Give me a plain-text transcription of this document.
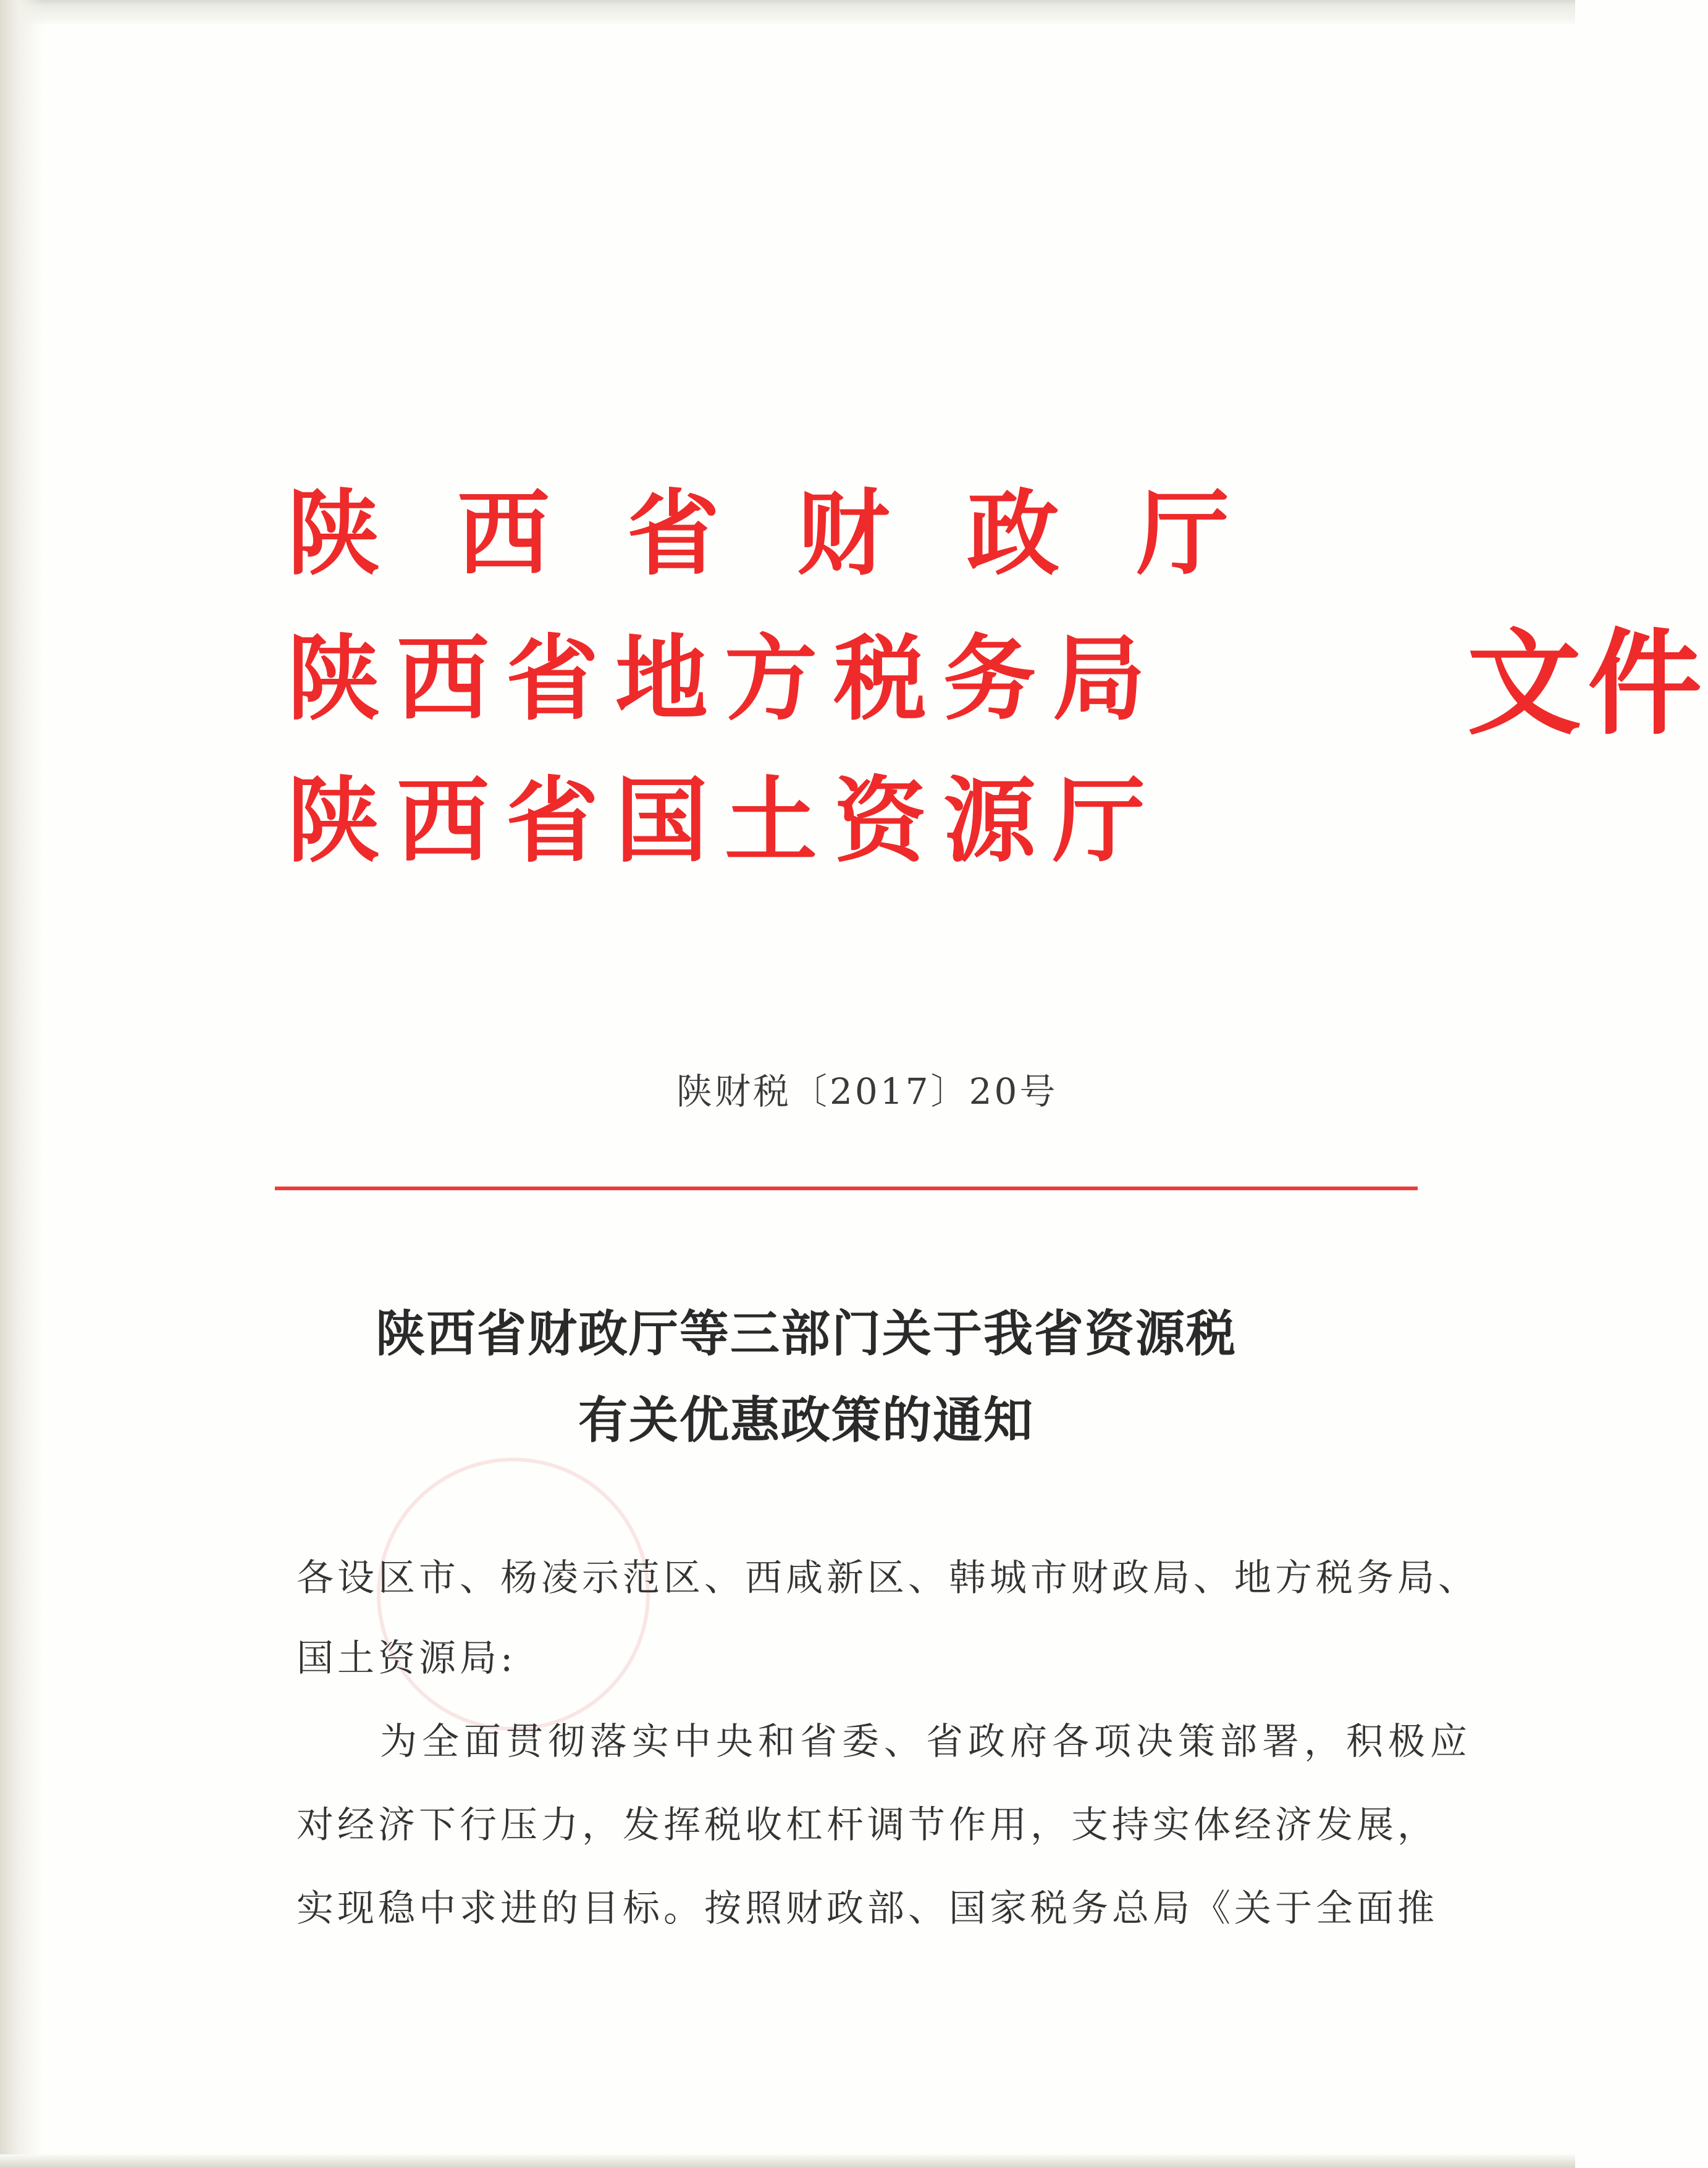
陕西省财政厅
陕西省地方税务局
陕西省国土资源厅
文件
陕财税〔2017〕20号
陕西省财政厅等三部门关于我省资源税
有关优惠政策的通知
各设区市、杨凌示范区、西咸新区、韩城市财政局、地方税务局、
国土资源局:
为全面贯彻落实中央和省委、省政府各项决策部署，积极应
对经济下行压力，发挥税收杠杆调节作用，支持实体经济发展，
实现稳中求进的目标。按照财政部、国家税务总局《关于全面推
